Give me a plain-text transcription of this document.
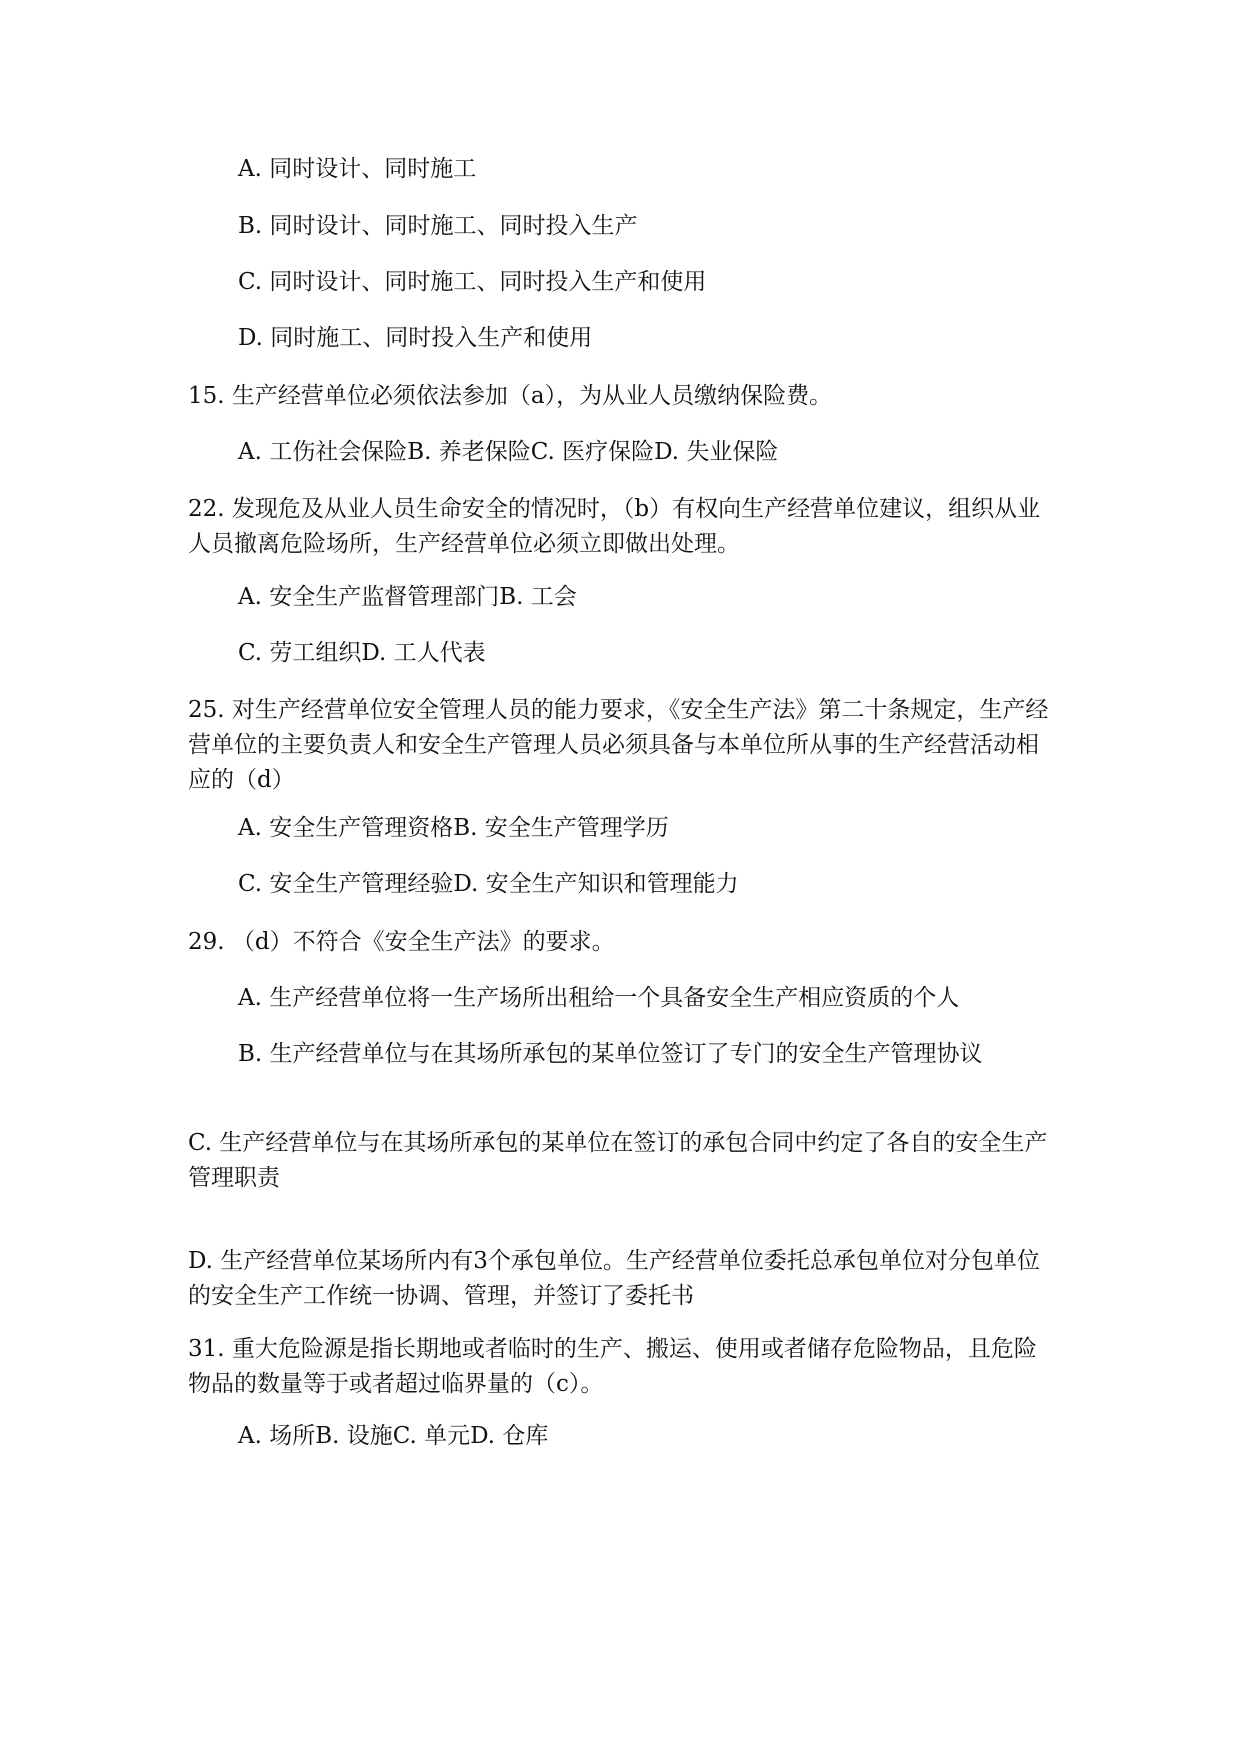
A. 同时设计、同时施工
B. 同时设计、同时施工、同时投入生产
C. 同时设计、同时施工、同时投入生产和使用
D. 同时施工、同时投入生产和使用
15. 生产经营单位必须依法参加（a），为从业人员缴纳保险费。
A. 工伤社会保险B. 养老保险C. 医疗保险D. 失业保险
22. 发现危及从业人员生命安全的情况时，（b）有权向生产经营单位建议，组织从业人员撤离危险场所，生产经营单位必须立即做出处理。
A. 安全生产监督管理部门B. 工会
C. 劳工组织D. 工人代表
25. 对生产经营单位安全管理人员的能力要求，《安全生产法》第二十条规定，生产经营单位的主要负责人和安全生产管理人员必须具备与本单位所从事的生产经营活动相应的（d）
A. 安全生产管理资格B. 安全生产管理学历
C. 安全生产管理经验D. 安全生产知识和管理能力
29. （d）不符合《安全生产法》的要求。
A. 生产经营单位将一生产场所出租给一个具备安全生产相应资质的个人
B. 生产经营单位与在其场所承包的某单位签订了专门的安全生产管理协议
C. 生产经营单位与在其场所承包的某单位在签订的承包合同中约定了各自的安全生产管理职责
D. 生产经营单位某场所内有3个承包单位。生产经营单位委托总承包单位对分包单位的安全生产工作统一协调、管理，并签订了委托书
31. 重大危险源是指长期地或者临时的生产、搬运、使用或者储存危险物品，且危险物品的数量等于或者超过临界量的（c）。
A. 场所B. 设施C. 单元D. 仓库
